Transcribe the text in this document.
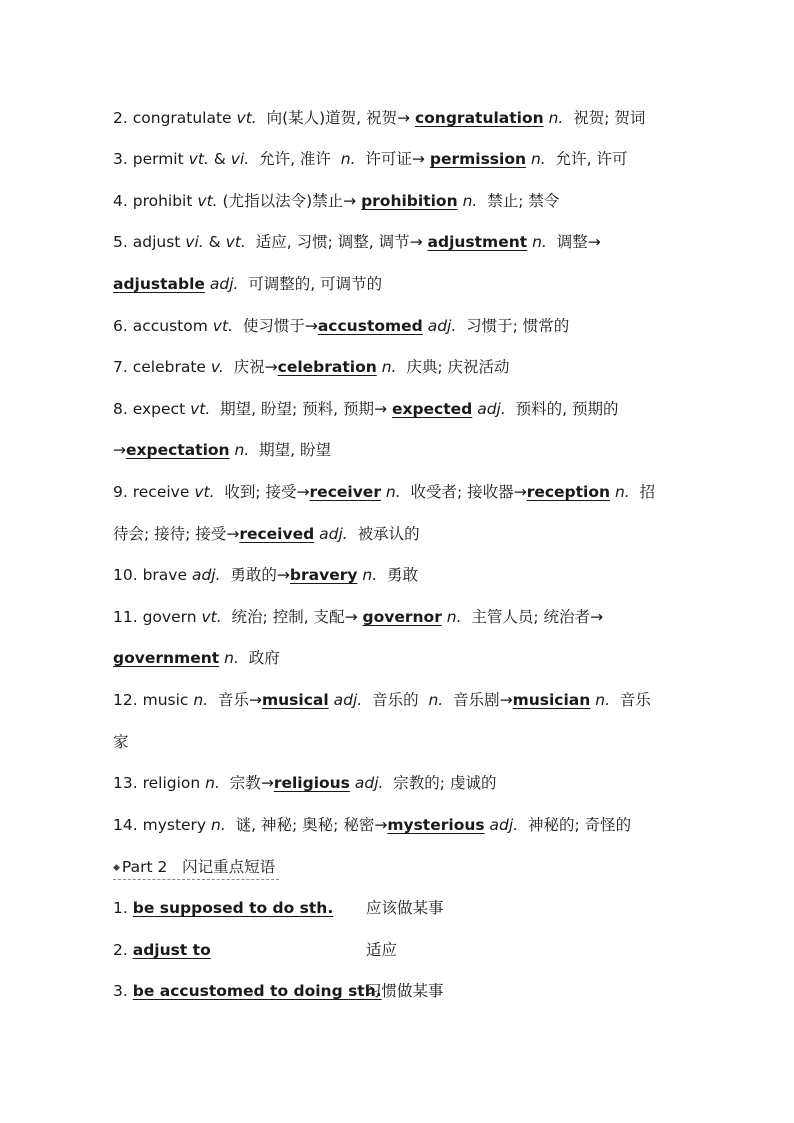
2. congratulate vt. 向(某人)道贺, 祝贺→ congratulation n. 祝贺; 贺词
3. permit vt. & vi. 允许, 准许 n. 许可证→ permission n. 允许, 许可
4. prohibit vt. (尤指以法令)禁止→ prohibition n. 禁止; 禁令
5. adjust vi. & vt. 适应, 习惯; 调整, 调节→ adjustment n. 调整→
adjustable adj. 可调整的, 可调节的
6. accustom vt. 使习惯于→accustomed adj. 习惯于; 惯常的
7. celebrate v. 庆祝→celebration n. 庆典; 庆祝活动
8. expect vt. 期望, 盼望; 预料, 预期→ expected adj. 预料的, 预期的
→expectation n. 期望, 盼望
9. receive vt. 收到; 接受→receiver n. 收受者; 接收器→reception n. 招
待会; 接待; 接受→received adj. 被承认的
10. brave adj. 勇敢的→bravery n. 勇敢
11. govern vt. 统治; 控制, 支配→ governor n. 主管人员; 统治者→
government n. 政府
12. music n. 音乐→musical adj. 音乐的 n. 音乐剧→musician n. 音乐
家
13. religion n. 宗教→religious adj. 宗教的; 虔诚的
14. mystery n. 谜, 神秘; 奥秘; 秘密→mysterious adj. 神秘的; 奇怪的
◆ Part 2 闪记重点短语
1. be supposed to do sth. 应该做某事
2. adjust to	适应
3. be accustomed to doing sth.
习惯做某事
